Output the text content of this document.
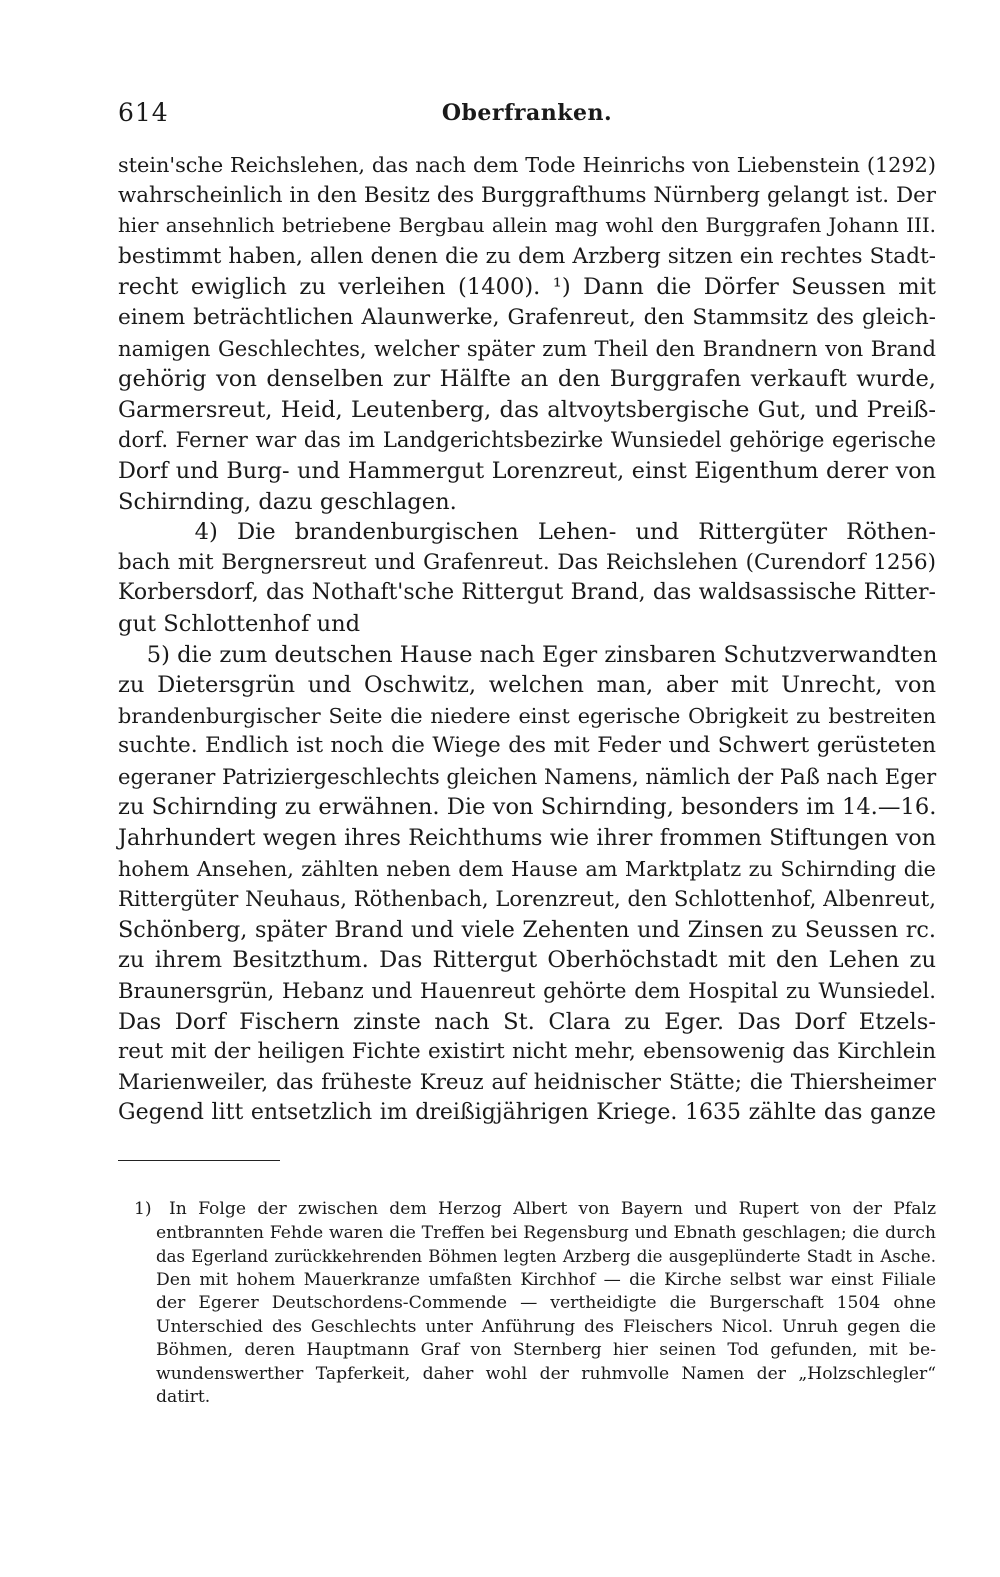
614	Oberfranken.
stein'sche Reichslehen, das nach dem Tode Heinrichs von Liebenstein (1292)
wahrscheinlich in den Besitz des Burggrafthums Nürnberg gelangt ist. Der
hier ansehnlich betriebene Bergbau allein mag wohl den Burggrafen Johann III.
bestimmt haben, allen denen die zu dem Arzberg sitzen ein rechtes Stadt-
recht ewiglich zu verleihen (1400). ¹) Dann die Dörfer Seussen mit
einem beträchtlichen Alaunwerke, Grafenreut, den Stammsitz des gleich-
namigen Geschlechtes, welcher später zum Theil den Brandnern von Brand
gehörig von denselben zur Hälfte an den Burggrafen verkauft wurde,
Garmersreut, Heid, Leutenberg, das altvoytsbergische Gut, und Preiß-
dorf. Ferner war das im Landgerichtsbezirke Wunsiedel gehörige egerische
Dorf und Burg- und Hammergut Lorenzreut, einst Eigenthum derer von
Schirnding, dazu geschlagen.
4) Die brandenburgischen Lehen- und Rittergüter Röthen-
bach mit Bergnersreut und Grafenreut. Das Reichslehen (Curendorf 1256)
Korbersdorf, das Nothaft'sche Rittergut Brand, das waldsassische Ritter-
gut Schlottenhof und
5) die zum deutschen Hause nach Eger zinsbaren Schutzverwandten
zu Dietersgrün und Oschwitz, welchen man, aber mit Unrecht, von
brandenburgischer Seite die niedere einst egerische Obrigkeit zu bestreiten
suchte. Endlich ist noch die Wiege des mit Feder und Schwert gerüsteten
egeraner Patriziergeschlechts gleichen Namens, nämlich der Paß nach Eger
zu Schirnding zu erwähnen. Die von Schirnding, besonders im 14.—16.
Jahrhundert wegen ihres Reichthums wie ihrer frommen Stiftungen von
hohem Ansehen, zählten neben dem Hause am Marktplatz zu Schirnding die
Rittergüter Neuhaus, Röthenbach, Lorenzreut, den Schlottenhof, Albenreut,
Schönberg, später Brand und viele Zehenten und Zinsen zu Seussen rc.
zu ihrem Besitzthum. Das Rittergut Oberhöchstadt mit den Lehen zu
Braunersgrün, Hebanz und Hauenreut gehörte dem Hospital zu Wunsiedel.
Das Dorf Fischern zinste nach St. Clara zu Eger. Das Dorf Etzels-
reut mit der heiligen Fichte existirt nicht mehr, ebensowenig das Kirchlein
Marienweiler, das früheste Kreuz auf heidnischer Stätte; die Thiersheimer
Gegend litt entsetzlich im dreißigjährigen Kriege. 1635 zählte das ganze
1) In Folge der zwischen dem Herzog Albert von Bayern und Rupert von der Pfalz
entbrannten Fehde waren die Treffen bei Regensburg und Ebnath geschlagen; die durch
das Egerland zurückkehrenden Böhmen legten Arzberg die ausgeplünderte Stadt in Asche.
Den mit hohem Mauerkranze umfaßten Kirchhof — die Kirche selbst war einst Filiale
der Egerer Deutschordens-Commende — vertheidigte die Burgerschaft 1504 ohne
Unterschied des Geschlechts unter Anführung des Fleischers Nicol. Unruh gegen die
Böhmen, deren Hauptmann Graf von Sternberg hier seinen Tod gefunden, mit be-
wundenswerther Tapferkeit, daher wohl der ruhmvolle Namen der „Holzschlegler“
datirt.
